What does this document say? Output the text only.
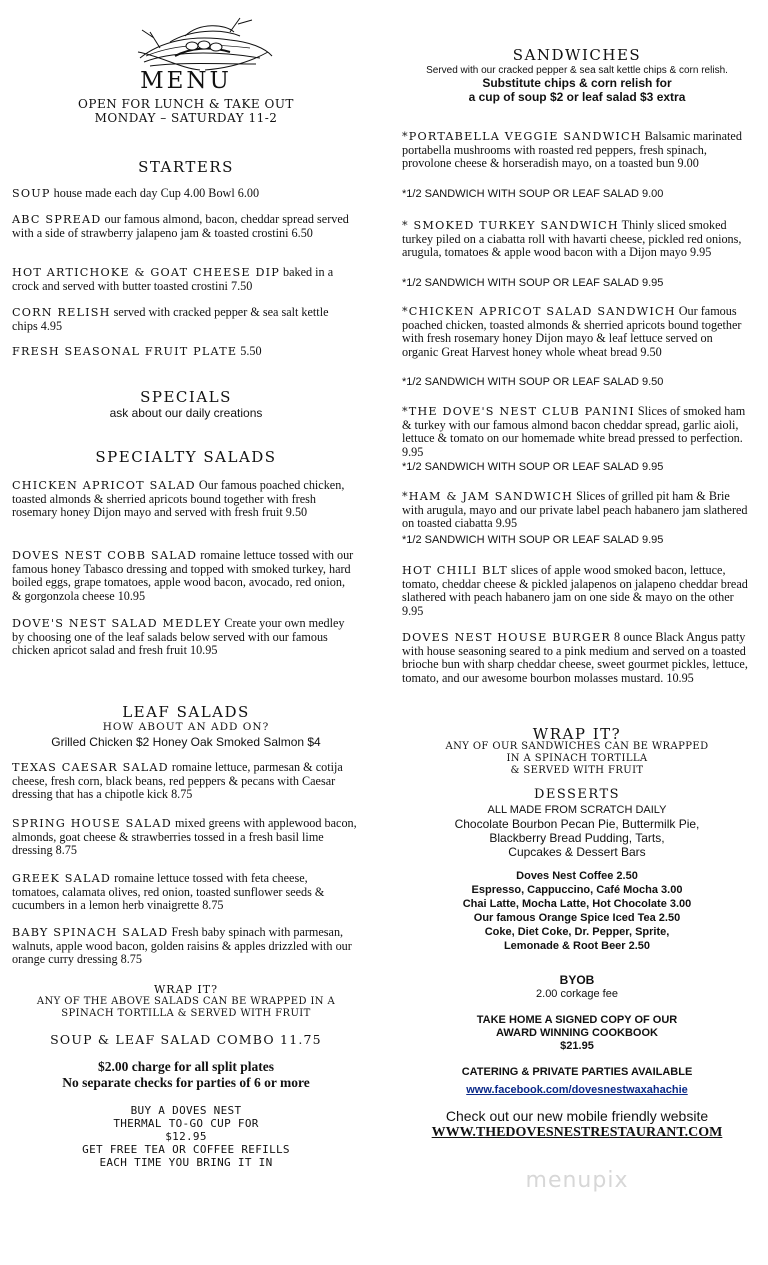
MENU
OPEN FOR LUNCH & TAKE OUT
MONDAY – SATURDAY 11-2
STARTERS

SOUP house made each day Cup 4.00 Bowl 6.00

ABC SPREAD our famous almond, bacon, cheddar spread served with a side of strawberry jalapeno jam & toasted crostini 6.50

HOT ARTICHOKE & GOAT CHEESE DIP baked in a crock and served with butter toasted crostini 7.50

CORN RELISH served with cracked pepper & sea salt kettle chips 4.95

FRESH SEASONAL FRUIT PLATE 5.50

SPECIALS
ask about our daily creations
SPECIALTY SALADS

CHICKEN APRICOT SALAD Our famous poached chicken, toasted almonds & sherried apricots bound together with fresh rosemary honey Dijon mayo and served with fresh fruit 9.50

DOVES NEST COBB SALAD romaine lettuce tossed with our famous honey Tabasco dressing and topped with smoked turkey, hard boiled eggs, grape tomatoes, apple wood bacon, avocado, red onion, & gorgonzola cheese 10.95

DOVE'S NEST SALAD MEDLEY Create your own medley by choosing one of the leaf salads below served with our famous chicken apricot salad and fresh fruit 10.95

LEAF SALADS
HOW ABOUT AN ADD ON?
Grilled Chicken $2 Honey Oak Smoked Salmon $4

TEXAS CAESAR SALAD romaine lettuce, parmesan & cotija cheese, fresh corn, black beans, red peppers & pecans with Caesar dressing that has a chipotle kick 8.75

SPRING HOUSE SALAD mixed greens with applewood bacon, almonds, goat cheese & strawberries tossed in a fresh basil lime dressing 8.75

GREEK SALAD romaine lettuce tossed with feta cheese, tomatoes, calamata olives, red onion, toasted sunflower seeds & cucumbers in a lemon herb vinaigrette 8.75

BABY SPINACH SALAD Fresh baby spinach with parmesan, walnuts, apple wood bacon, golden raisins & apples drizzled with our orange curry dressing 8.75

WRAP IT?
ANY OF THE ABOVE SALADS CAN BE WRAPPED IN A
SPINACH TORTILLA & SERVED WITH FRUIT
SOUP & LEAF SALAD COMBO 11.75
$2.00 charge for all split plates
No separate checks for parties of 6 or more
BUY A DOVES NEST
THERMAL TO-GO CUP FOR
$12.95
GET FREE TEA OR COFFEE REFILLS
EACH TIME YOU BRING IT IN
SANDWICHES
Served with our cracked pepper & sea salt kettle chips & corn relish.
Substitute chips & corn relish for
a cup of soup $2 or leaf salad $3 extra

*PORTABELLA VEGGIE SANDWICH Balsamic marinated portabella mushrooms with roasted red peppers, fresh spinach, provolone cheese & horseradish mayo, on a toasted bun 9.00

*1/2 SANDWICH WITH SOUP OR LEAF SALAD 9.00

* SMOKED TURKEY SANDWICH Thinly sliced smoked turkey piled on a ciabatta roll with havarti cheese, pickled red onions, arugula, tomatoes & apple wood bacon with a Dijon mayo 9.95

*1/2 SANDWICH WITH SOUP OR LEAF SALAD 9.95

*CHICKEN APRICOT SALAD SANDWICH Our famous poached chicken, toasted almonds & sherried apricots bound together with fresh rosemary honey Dijon mayo & leaf lettuce served on organic Great Harvest honey whole wheat bread 9.50

*1/2 SANDWICH WITH SOUP OR LEAF SALAD 9.50

*THE DOVE'S NEST CLUB PANINI Slices of smoked ham & turkey with our famous almond bacon cheddar spread, garlic aioli, lettuce & tomato on our homemade white bread pressed to perfection. 9.95

*1/2 SANDWICH WITH SOUP OR LEAF SALAD 9.95

*HAM & JAM SANDWICH Slices of grilled pit ham & Brie with arugula, mayo and our private label peach habanero jam slathered on toasted ciabatta 9.95

*1/2 SANDWICH WITH SOUP OR LEAF SALAD 9.95

HOT CHILI BLT slices of apple wood smoked bacon, lettuce, tomato, cheddar cheese & pickled jalapenos on jalapeno cheddar bread slathered with peach habanero jam on one side & mayo on the other 9.95

DOVES NEST HOUSE BURGER 8 ounce Black Angus patty with house seasoning seared to a pink medium and served on a toasted brioche bun with sharp cheddar cheese, sweet gourmet pickles, lettuce, tomato, and our awesome bourbon molasses mustard. 10.95

WRAP IT?
ANY OF OUR SANDWICHES CAN BE WRAPPED
IN A SPINACH TORTILLA
& SERVED WITH FRUIT
DESSERTS
ALL MADE FROM SCRATCH DAILY
Chocolate Bourbon Pecan Pie, Buttermilk Pie,
Blackberry Bread Pudding, Tarts,
Cupcakes & Dessert Bars
Doves Nest Coffee 2.50
Espresso, Cappuccino, Café Mocha 3.00
Chai Latte, Mocha Latte, Hot Chocolate 3.00
Our famous Orange Spice Iced Tea 2.50
Coke, Diet Coke, Dr. Pepper, Sprite,
Lemonade & Root Beer 2.50
BYOB
2.00 corkage fee
TAKE HOME A SIGNED COPY OF OUR
AWARD WINNING COOKBOOK
$21.95
CATERING & PRIVATE PARTIES AVAILABLE
www.facebook.com/dovesnestwaxahachie
Check out our new mobile friendly website
WWW.THEDOVESNESTRESTAURANT.COM
menupix
